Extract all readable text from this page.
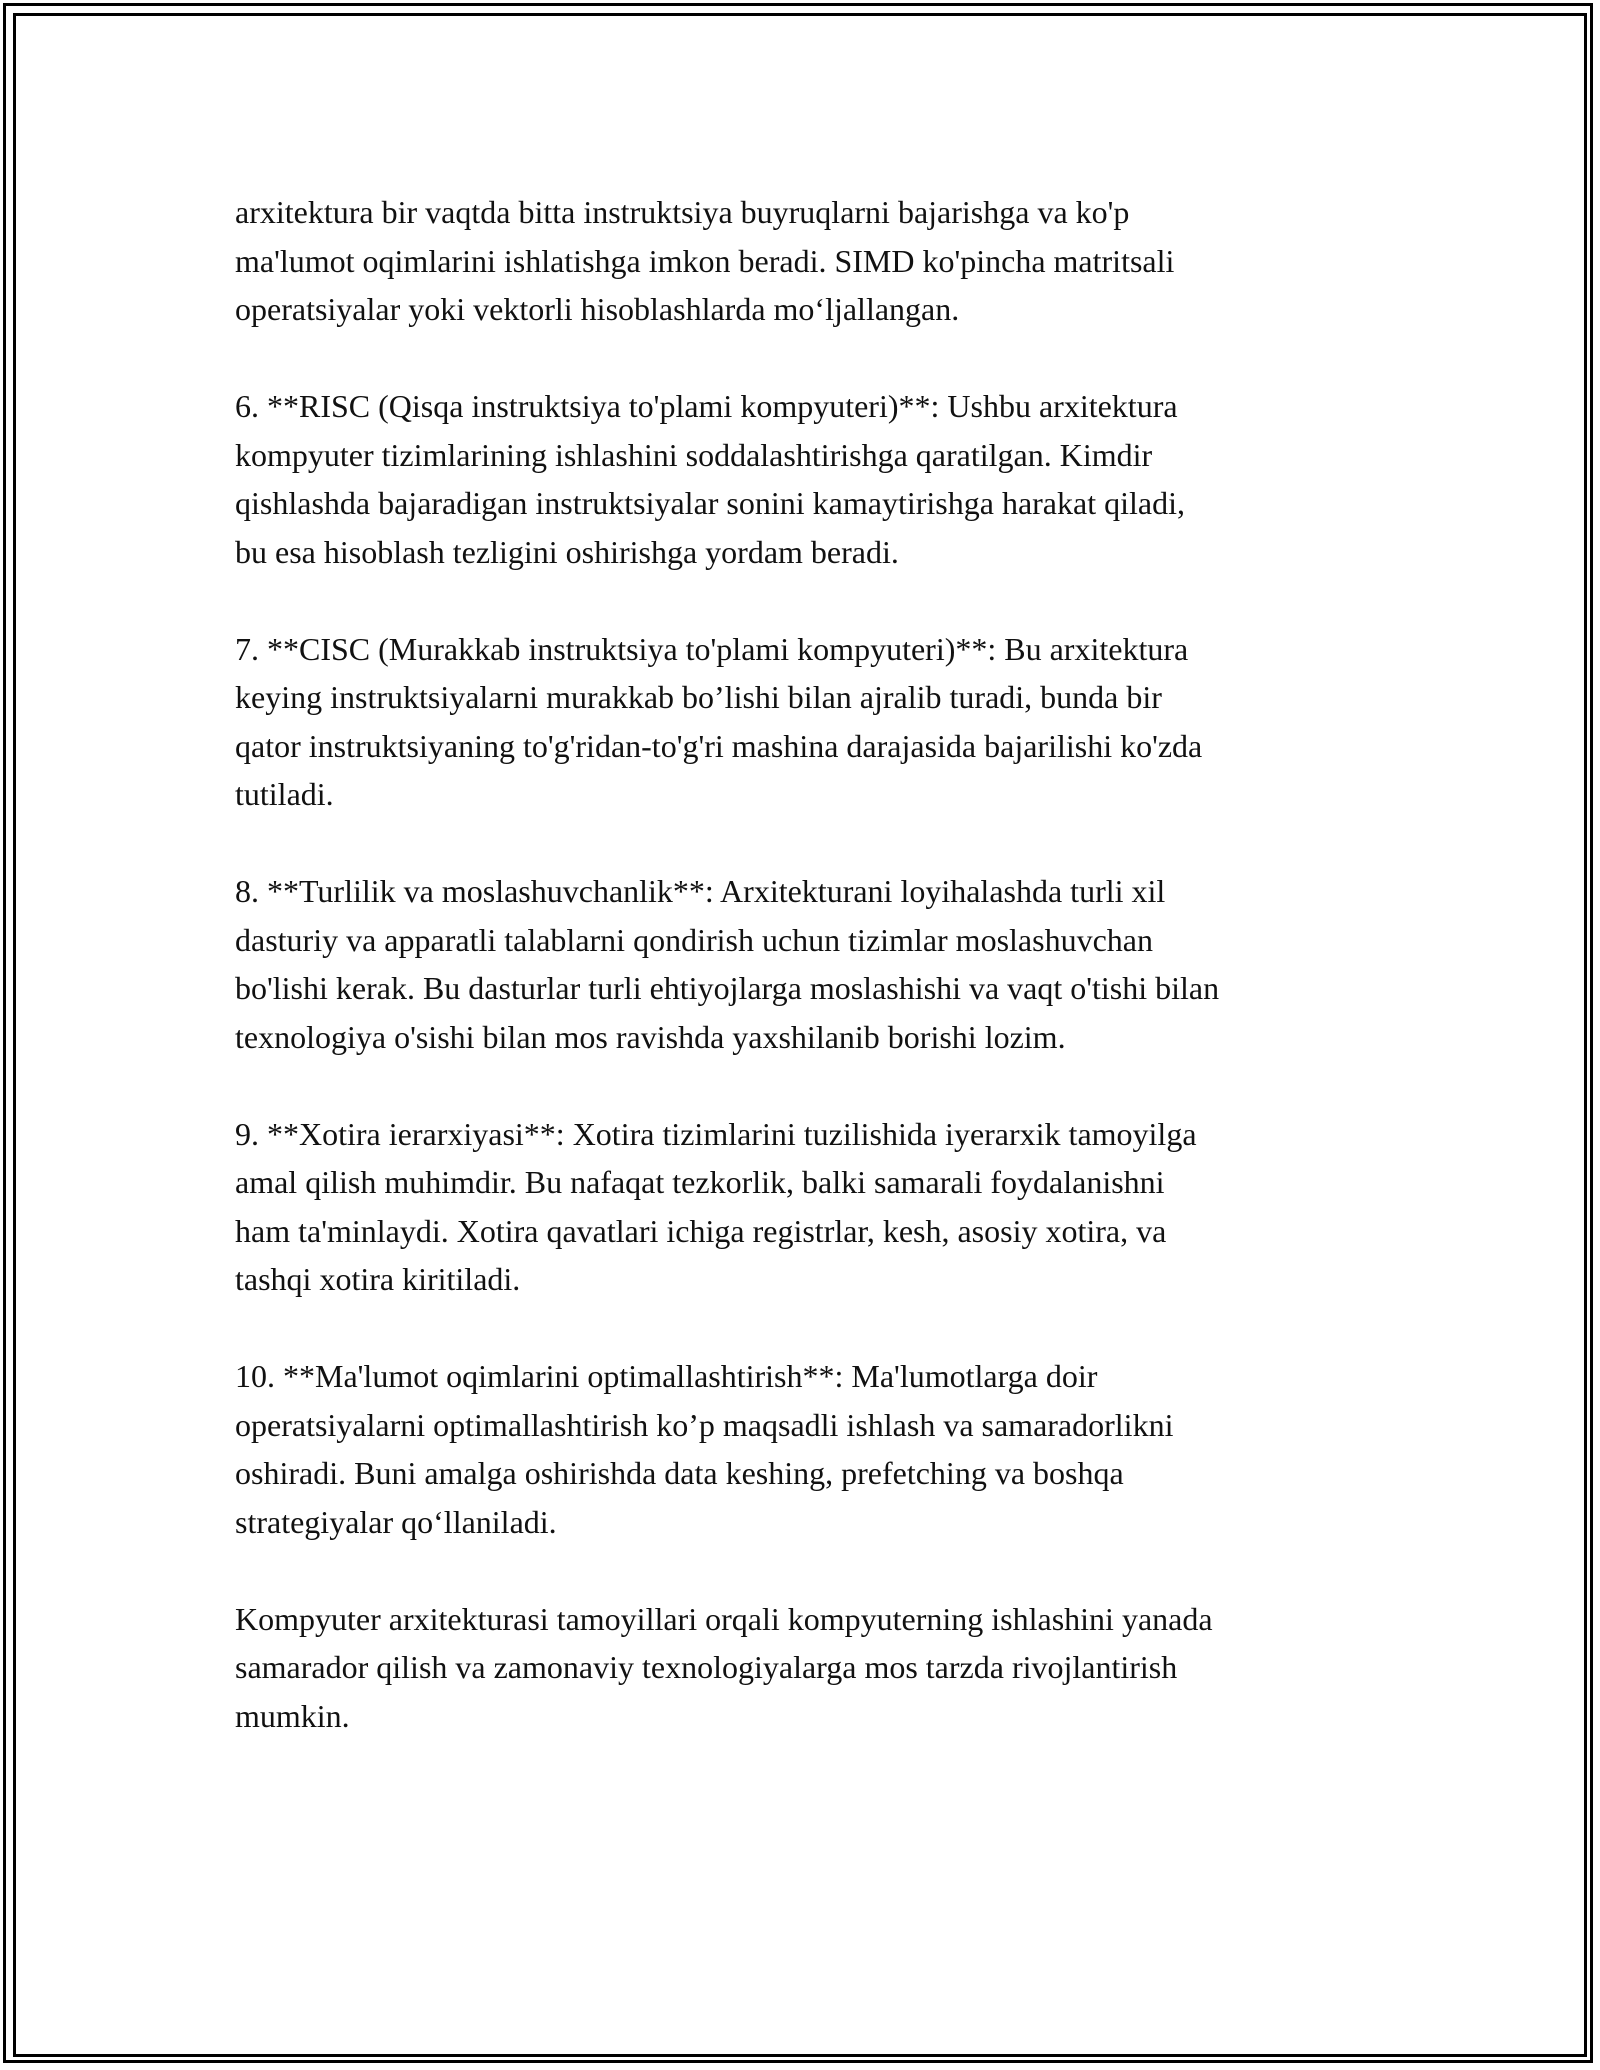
arxitektura bir vaqtda bitta instruktsiya buyruqlarni bajarishga va ko'p
ma'lumot oqimlarini ishlatishga imkon beradi. SIMD ko'pincha matritsali
operatsiyalar yoki vektorli hisoblashlarda mo‘ljallangan.

6. **RISC (Qisqa instruktsiya to'plami kompyuteri)**: Ushbu arxitektura
kompyuter tizimlarining ishlashini soddalashtirishga qaratilgan. Kimdir
qishlashda bajaradigan instruktsiyalar sonini kamaytirishga harakat qiladi,
bu esa hisoblash tezligini oshirishga yordam beradi.

7. **CISC (Murakkab instruktsiya to'plami kompyuteri)**: Bu arxitektura
keying instruktsiyalarni murakkab bo’lishi bilan ajralib turadi, bunda bir
qator instruktsiyaning to'g'ridan-to'g'ri mashina darajasida bajarilishi ko'zda
tutiladi.

8. **Turlilik va moslashuvchanlik**: Arxitekturani loyihalashda turli xil
dasturiy va apparatli talablarni qondirish uchun tizimlar moslashuvchan
bo'lishi kerak. Bu dasturlar turli ehtiyojlarga moslashishi va vaqt o'tishi bilan
texnologiya o'sishi bilan mos ravishda yaxshilanib borishi lozim.

9. **Xotira ierarxiyasi**: Xotira tizimlarini tuzilishida iyerarxik tamoyilga
amal qilish muhimdir. Bu nafaqat tezkorlik, balki samarali foydalanishni
ham ta'minlaydi. Xotira qavatlari ichiga registrlar, kesh, asosiy xotira, va
tashqi xotira kiritiladi.

10. **Ma'lumot oqimlarini optimallashtirish**: Ma'lumotlarga doir
operatsiyalarni optimallashtirish ko’p maqsadli ishlash va samaradorlikni
oshiradi. Buni amalga oshirishda data keshing, prefetching va boshqa
strategiyalar qo‘llaniladi.

Kompyuter arxitekturasi tamoyillari orqali kompyuterning ishlashini yanada
samarador qilish va zamonaviy texnologiyalarga mos tarzda rivojlantirish
mumkin.
